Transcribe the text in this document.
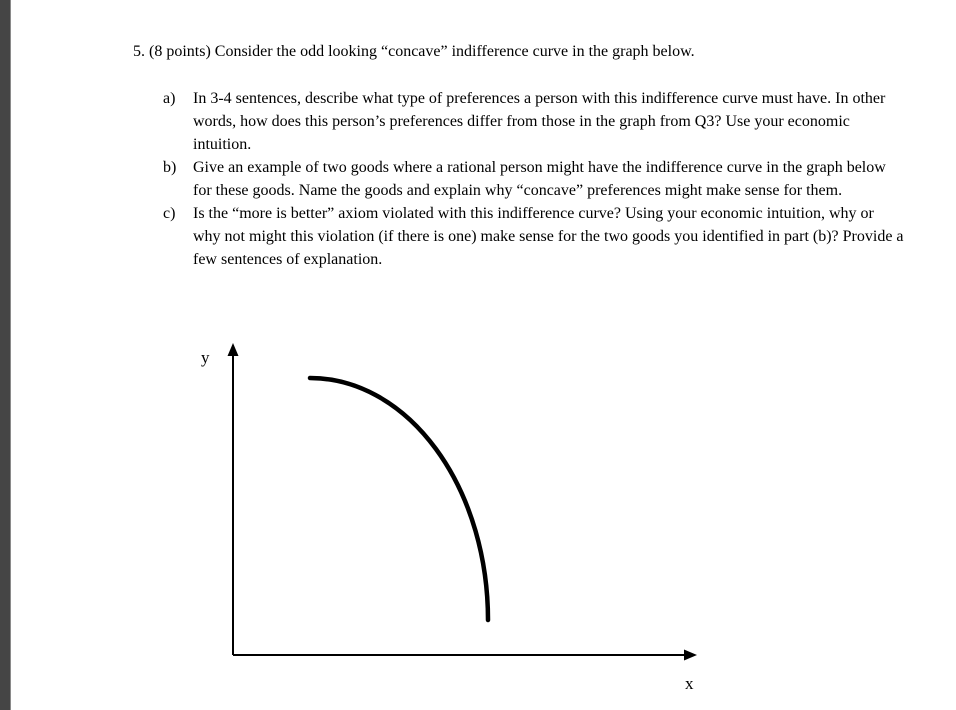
5. (8 points) Consider the odd looking “concave” indifference curve in the graph below.

a)	In 3-4 sentences, describe what type of preferences a person with this indifference curve must have. In other words, how does this person’s preferences differ from those in the graph from Q3? Use your economic intuition.
b)	Give an example of two goods where a rational person might have the indifference curve in the graph below for these goods. Name the goods and explain why “concave” preferences might make sense for them.
c)	Is the “more is better” axiom violated with this indifference curve? Using your economic intuition, why or why not might this violation (if there is one) make sense for the two goods you identified in part (b)? Provide a few sentences of explanation.
y
x
